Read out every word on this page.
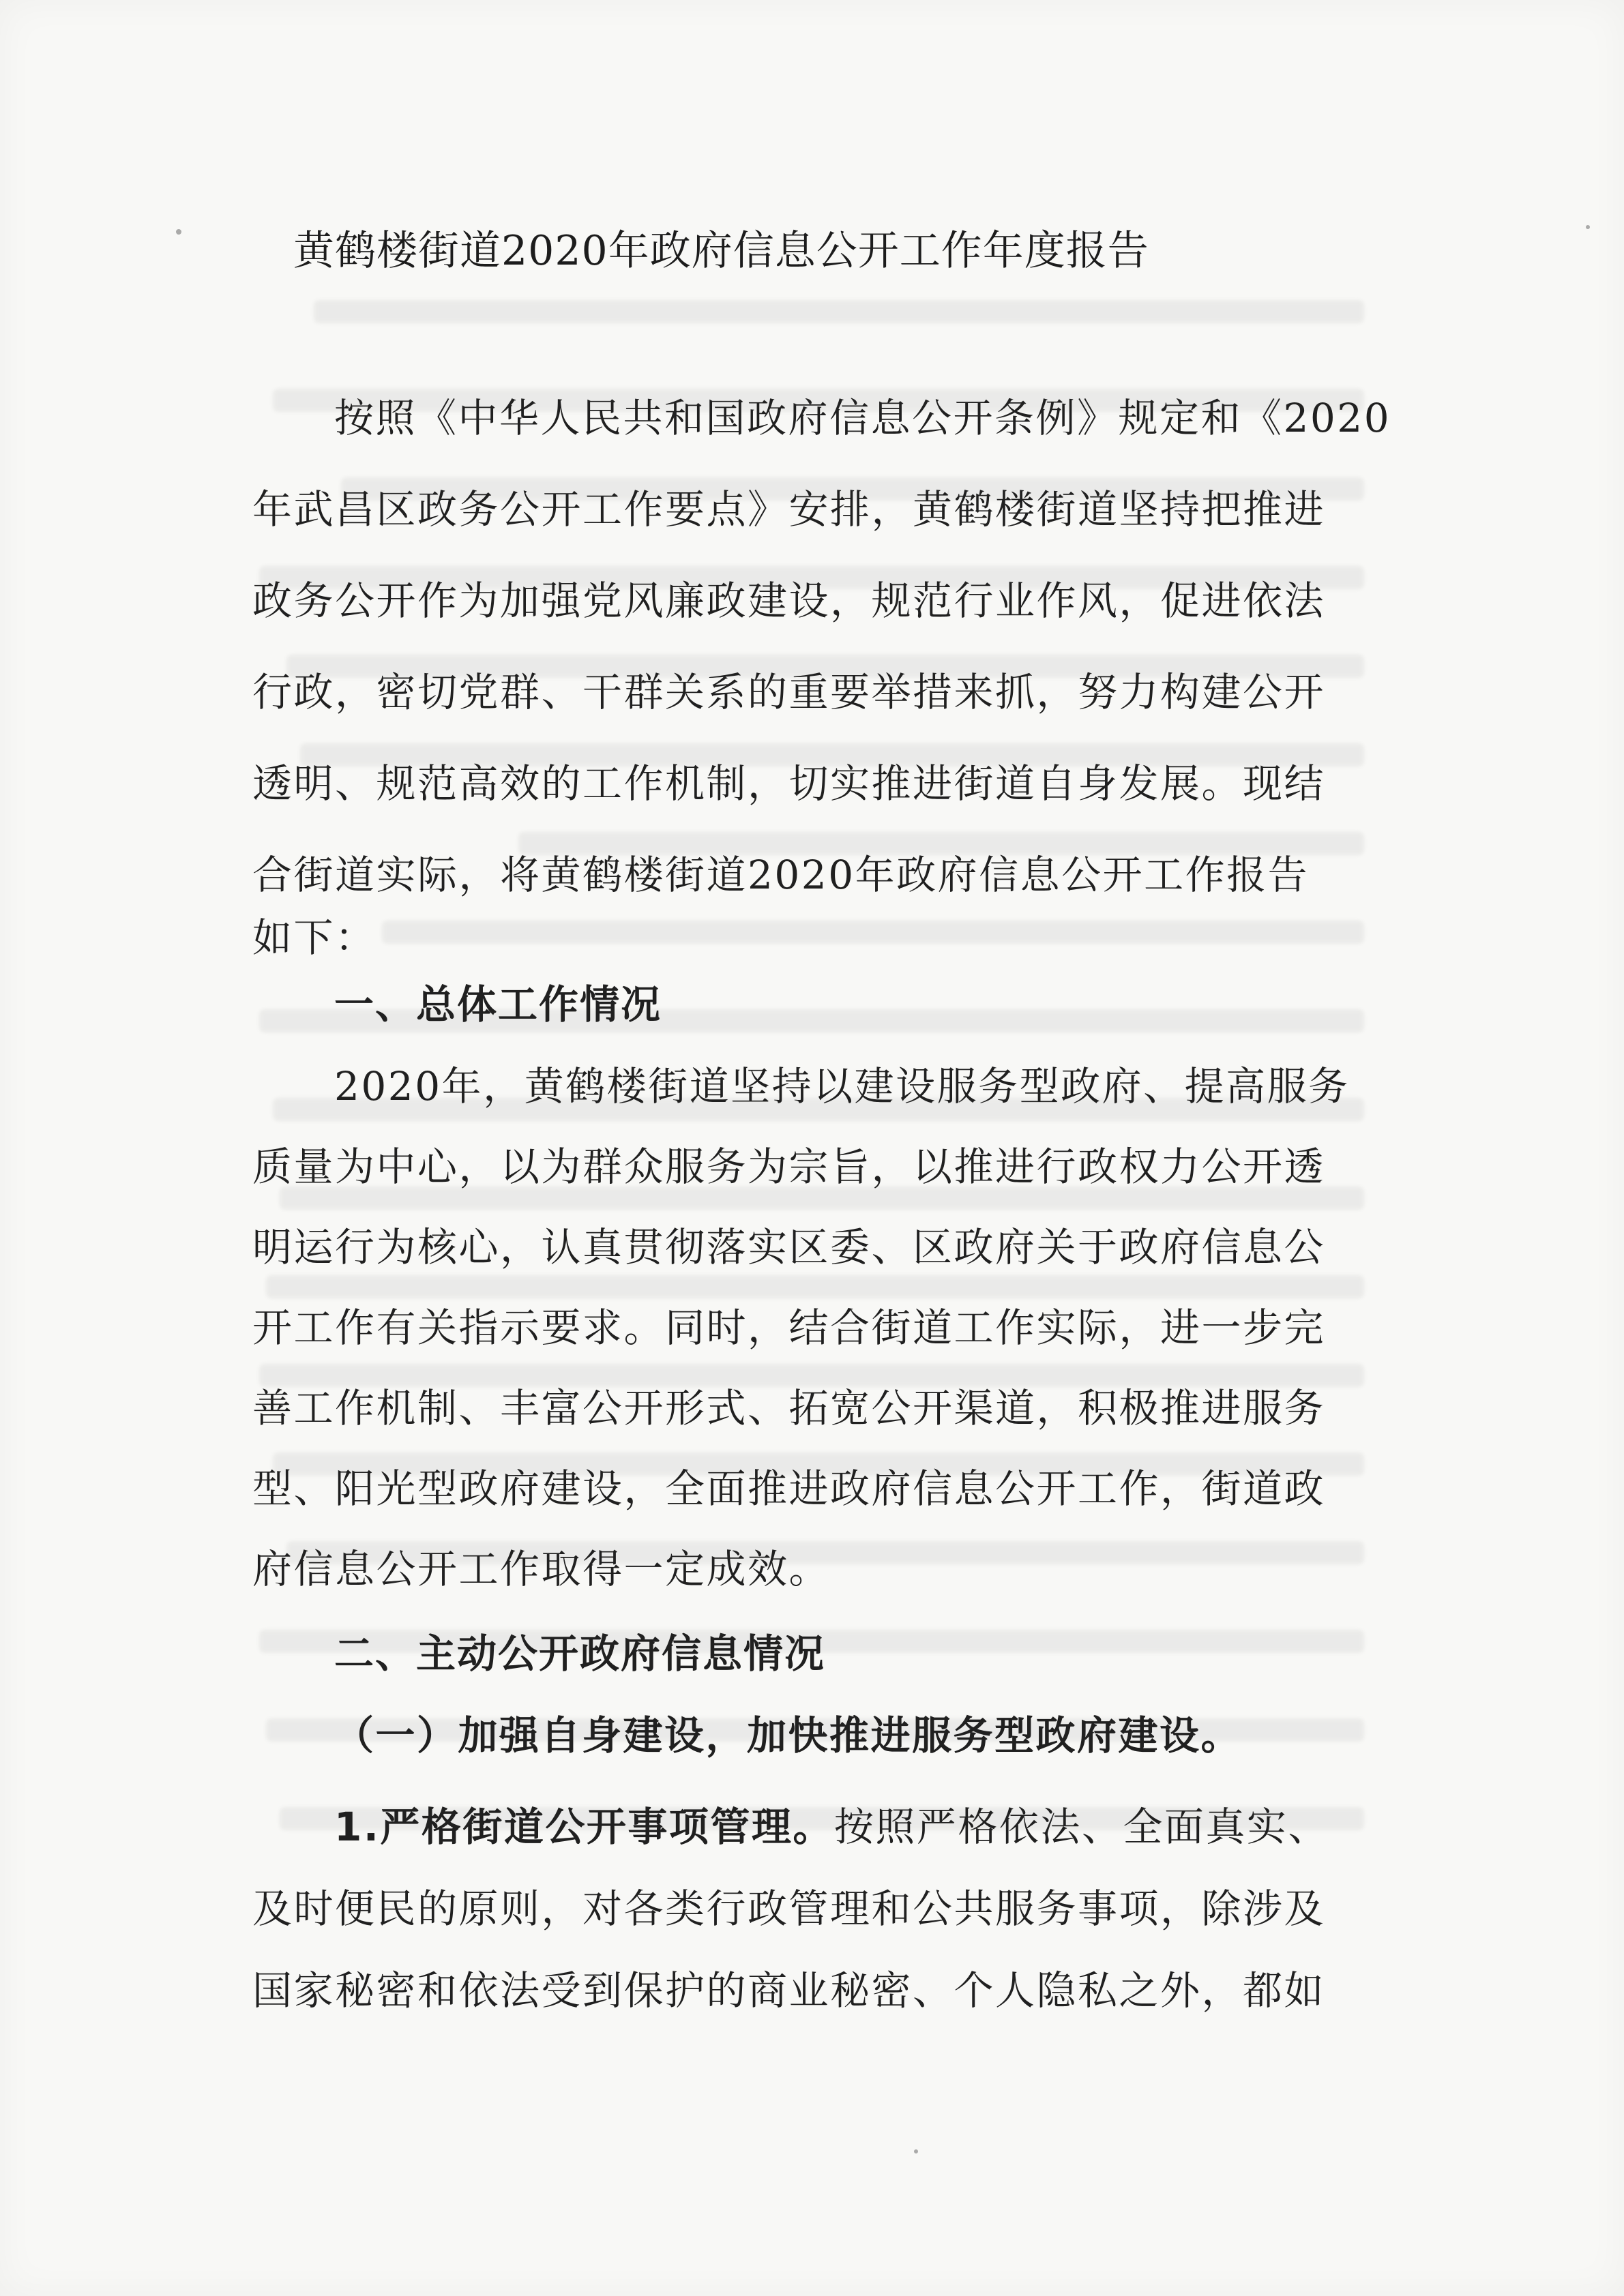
黄鹤楼街道2020年政府信息公开工作年度报告
按照《中华人民共和国政府信息公开条例》规定和《2020
年武昌区政务公开工作要点》安排，黄鹤楼街道坚持把推进
政务公开作为加强党风廉政建设，规范行业作风，促进依法
行政，密切党群、干群关系的重要举措来抓，努力构建公开
透明、规范高效的工作机制，切实推进街道自身发展。现结
合街道实际，将黄鹤楼街道2020年政府信息公开工作报告
如下：
一、总体工作情况
2020年，黄鹤楼街道坚持以建设服务型政府、提高服务
质量为中心，以为群众服务为宗旨，以推进行政权力公开透
明运行为核心，认真贯彻落实区委、区政府关于政府信息公
开工作有关指示要求。同时，结合街道工作实际，进一步完
善工作机制、丰富公开形式、拓宽公开渠道，积极推进服务
型、阳光型政府建设，全面推进政府信息公开工作，街道政
府信息公开工作取得一定成效。
二、主动公开政府信息情况
（一）加强自身建设，加快推进服务型政府建设。
1.严格街道公开事项管理。按照严格依法、全面真实、
及时便民的原则，对各类行政管理和公共服务事项，除涉及
国家秘密和依法受到保护的商业秘密、个人隐私之外，都如
